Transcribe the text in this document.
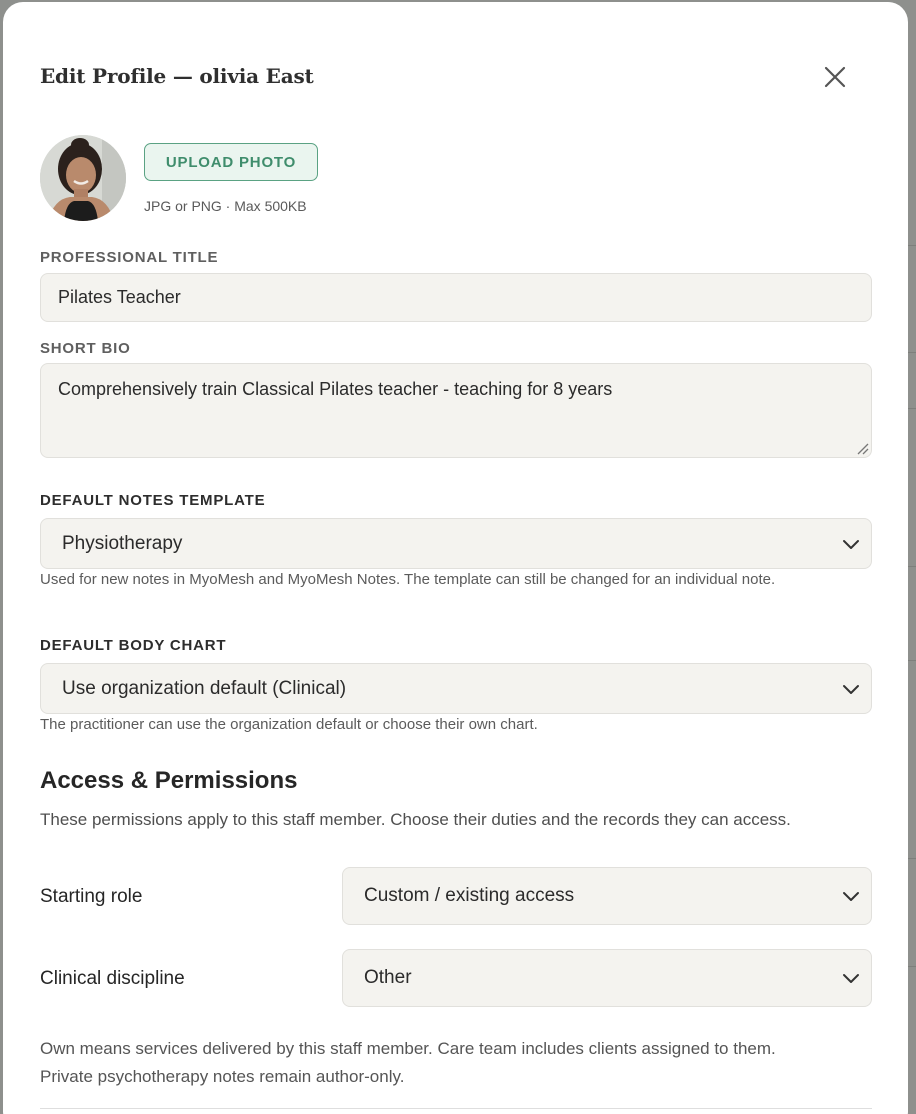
Edit Profile — olivia East
UPLOAD PHOTO
JPG or PNG · Max 500KB
PROFESSIONAL TITLE
Pilates Teacher
SHORT BIO
Comprehensively train Classical Pilates teacher - teaching for 8 years
DEFAULT NOTES TEMPLATE
Physiotherapy
Used for new notes in MyoMesh and MyoMesh Notes. The template can still be changed for an individual note.
DEFAULT BODY CHART
Use organization default (Clinical)
The practitioner can use the organization default or choose their own chart.
Access & Permissions
These permissions apply to this staff member. Choose their duties and the records they can access.
Starting role	Custom / existing access
Clinical discipline	Other
Own means services delivered by this staff member. Care team includes clients assigned to them.
Private psychotherapy notes remain author-only.
